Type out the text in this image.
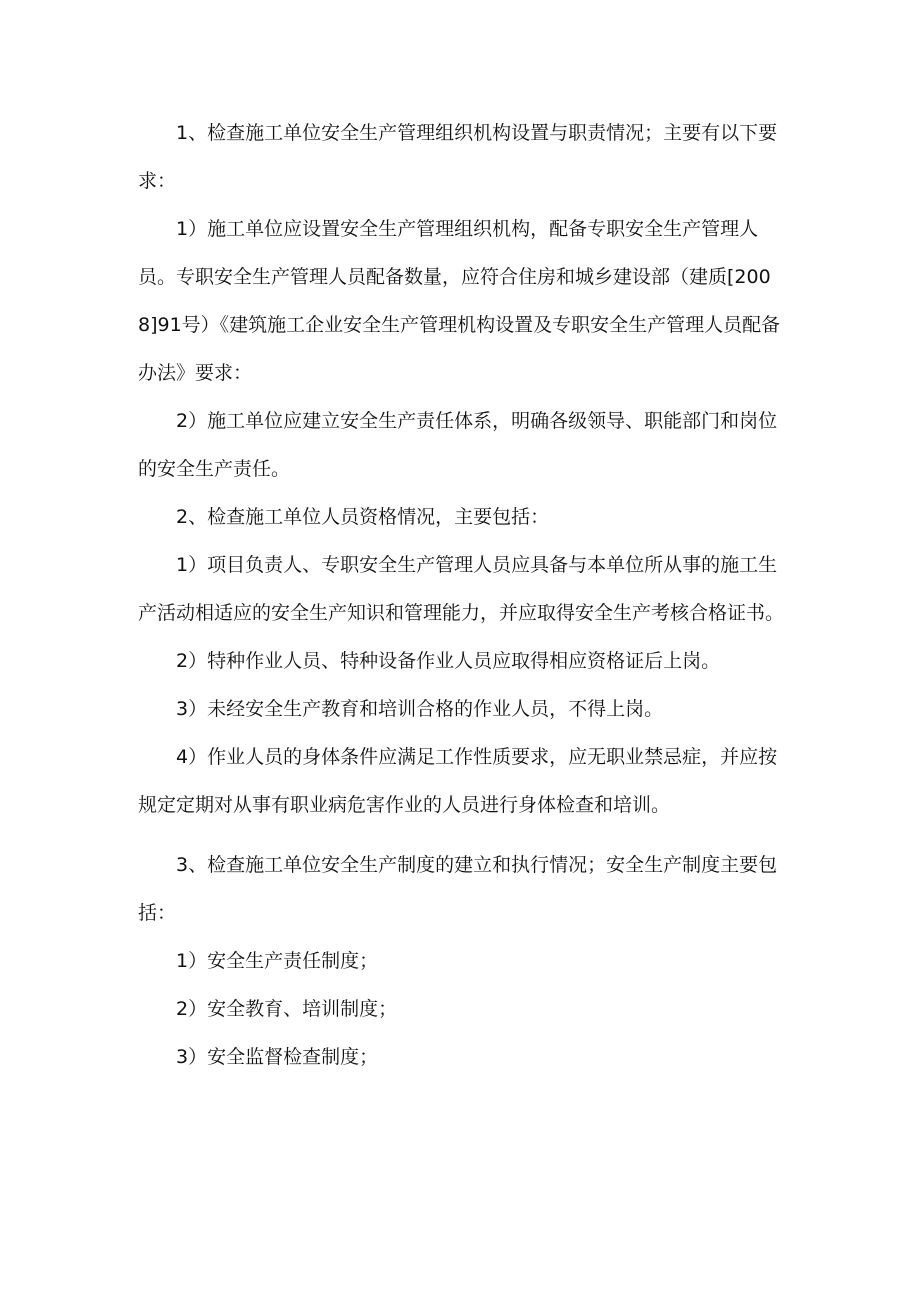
1、检查施工单位安全生产管理组织机构设置与职责情况；主要有以下要求：

1）施工单位应设置安全生产管理组织机构，配备专职安全生产管理人员。专职安全生产管理人员配备数量，应符合住房和城乡建设部（建质[2008]91号）《建筑施工企业安全生产管理机构设置及专职安全生产管理人员配备办法》要求：

2）施工单位应建立安全生产责任体系，明确各级领导、职能部门和岗位的安全生产责任。

2、检查施工单位人员资格情况，主要包括：

1）项目负责人、专职安全生产管理人员应具备与本单位所从事的施工生产活动相适应的安全生产知识和管理能力，并应取得安全生产考核合格证书。

2）特种作业人员、特种设备作业人员应取得相应资格证后上岗。

3）未经安全生产教育和培训合格的作业人员，不得上岗。

4）作业人员的身体条件应满足工作性质要求，应无职业禁忌症，并应按规定定期对从事有职业病危害作业的人员进行身体检查和培训。

3、检查施工单位安全生产制度的建立和执行情况；安全生产制度主要包括：

1）安全生产责任制度；

2）安全教育、培训制度；

3）安全监督检查制度；
